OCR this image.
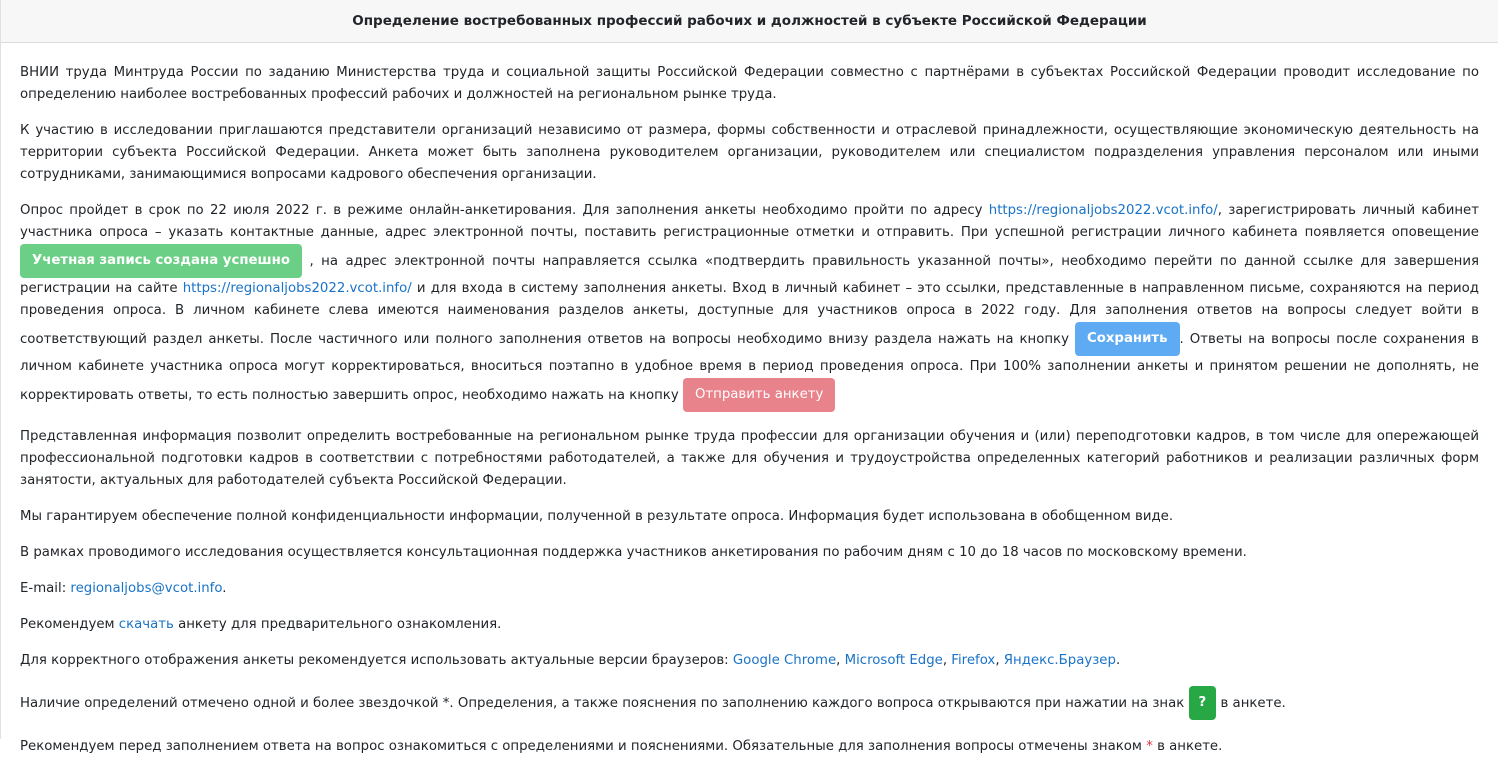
Определение востребованных профессий рабочих и должностей в субъекте Российской Федерации

ВНИИ труда Минтруда России по заданию Министерства труда и социальной защиты Российской Федерации совместно с партнёрами в субъектах Российской Федерации проводит исследование по определению наиболее востребованных профессий рабочих и должностей на региональном рынке труда.

К участию в исследовании приглашаются представители организаций независимо от размера, формы собственности и отраслевой принадлежности, осуществляющие экономическую деятельность на территории субъекта Российской Федерации. Анкета может быть заполнена руководителем организации, руководителем или специалистом подразделения управления персоналом или иными сотрудниками, занимающимися вопросами кадрового обеспечения организации.

Опрос пройдет в срок по 22 июля 2022 г. в режиме онлайн-анкетирования. Для заполнения анкеты необходимо пройти по адресу https://regionaljobs2022.vcot.info/, зарегистрировать личный кабинет участника опроса – указать контактные данные, адрес электронной почты, поставить регистрационные отметки и отправить. При успешной регистрации личного кабинета появляется оповещение Учетная запись создана успешно , на адрес электронной почты направляется ссылка «подтвердить правильность указанной почты», необходимо перейти по данной ссылке для завершения регистрации на сайте https://regionaljobs2022.vcot.info/ и для входа в систему заполнения анкеты. Вход в личный кабинет – это ссылки, представленные в направленном письме, сохраняются на период проведения опроса. В личном кабинете слева имеются наименования разделов анкеты, доступные для участников опроса в 2022 году. Для заполнения ответов на вопросы следует войти в соответствующий раздел анкеты. После частичного или полного заполнения ответов на вопросы необходимо внизу раздела нажать на кнопку Сохранить . Ответы на вопросы после сохранения в личном кабинете участника опроса могут корректироваться, вноситься поэтапно в удобное время в период проведения опроса. При 100% заполнении анкеты и принятом решении не дополнять, не корректировать ответы, то есть полностью завершить опрос, необходимо нажать на кнопку Отправить анкету

Представленная информация позволит определить востребованные на региональном рынке труда профессии для организации обучения и (или) переподготовки кадров, в том числе для опережающей профессиональной подготовки кадров в соответствии с потребностями работодателей, а также для обучения и трудоустройства определенных категорий работников и реализации различных форм занятости, актуальных для работодателей субъекта Российской Федерации.

Мы гарантируем обеспечение полной конфиденциальности информации, полученной в результате опроса. Информация будет использована в обобщенном виде.

В рамках проводимого исследования осуществляется консультационная поддержка участников анкетирования по рабочим дням с 10 до 18 часов по московскому времени.

E-mail: regionaljobs@vcot.info.

Рекомендуем скачать анкету для предварительного ознакомления.

Для корректного отображения анкеты рекомендуется использовать актуальные версии браузеров: Google Chrome, Microsoft Edge, Firefox, Яндекс.Браузер.

Наличие определений отмечено одной и более звездочкой *. Определения, а также пояснения по заполнению каждого вопроса открываются при нажатии на знак ? в анкете.

Рекомендуем перед заполнением ответа на вопрос ознакомиться с определениями и пояснениями. Обязательные для заполнения вопросы отмечены знаком * в анкете.
